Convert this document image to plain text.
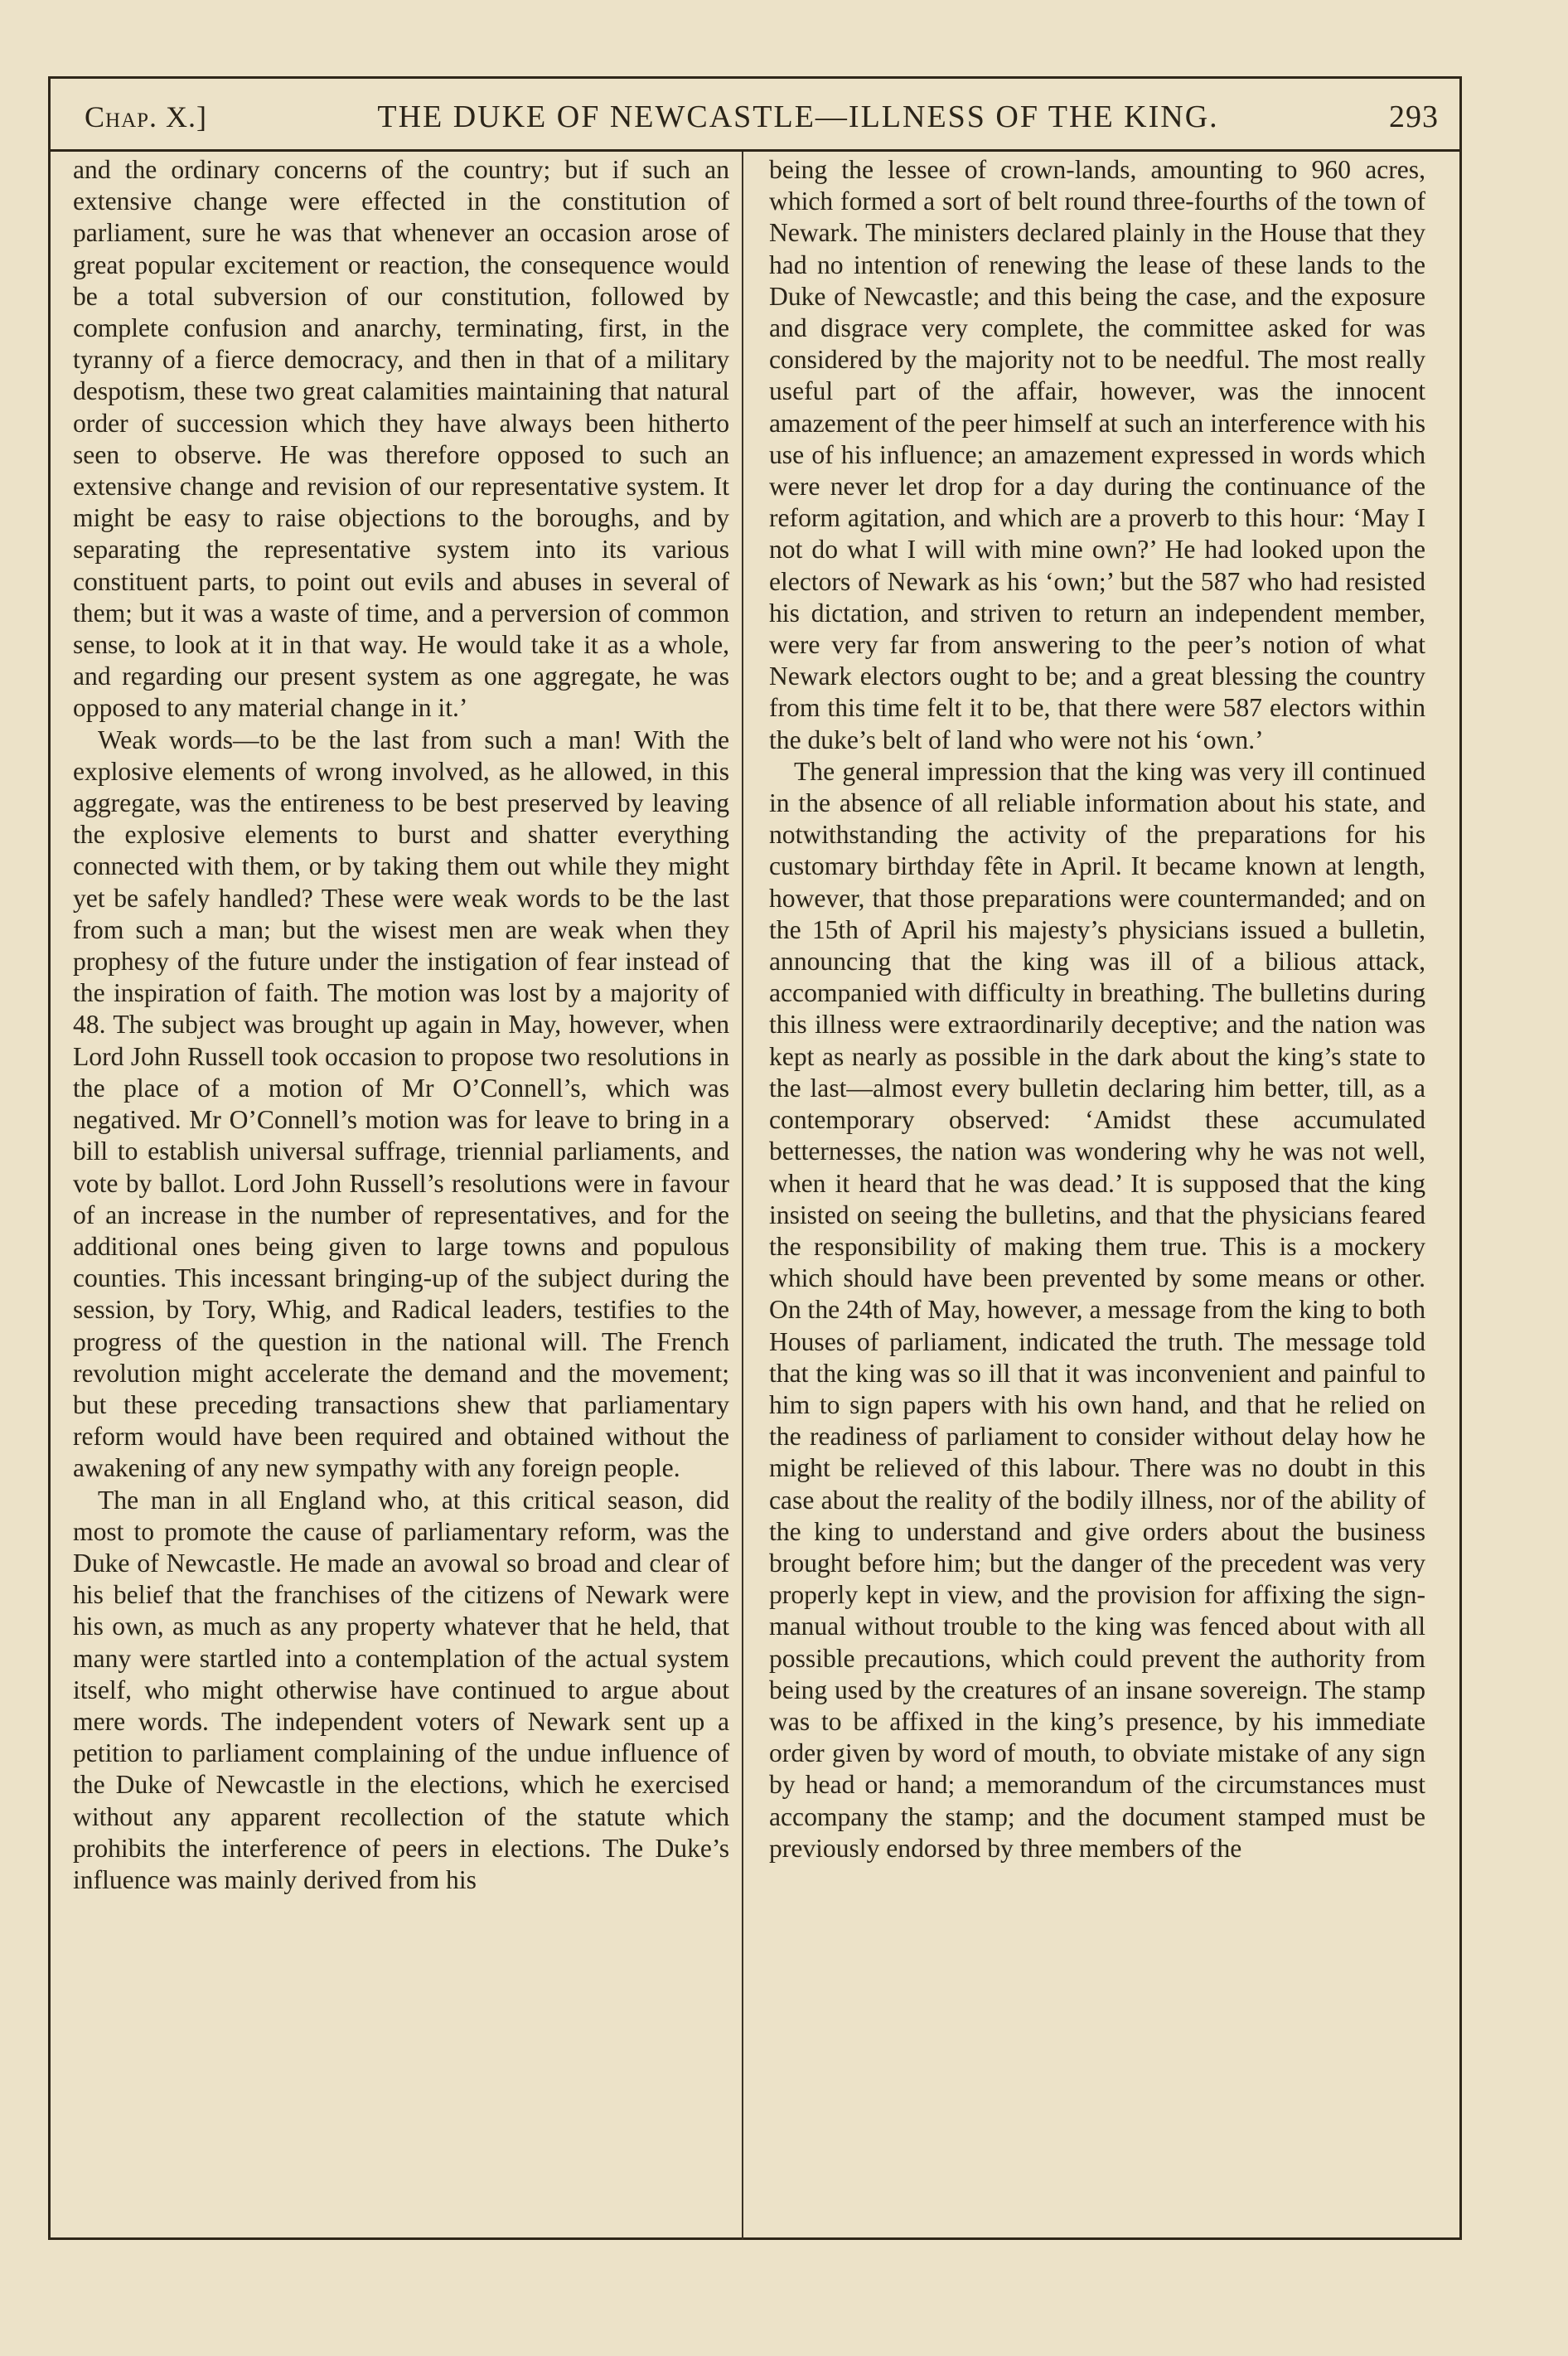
Chap. X.]	THE DUKE OF NEWCASTLE—ILLNESS OF THE KING.	293

and the ordinary concerns of the country; but if such an extensive change were effected in the constitution of parliament, sure he was that whenever an occasion arose of great popular excitement or reaction, the consequence would be a total subversion of our constitution, followed by complete confusion and anarchy, terminating, first, in the tyranny of a fierce democracy, and then in that of a military despotism, these two great calamities maintaining that natural order of succession which they have always been hitherto seen to observe. He was therefore opposed to such an extensive change and revision of our representative system. It might be easy to raise objections to the boroughs, and by separating the representative system into its various constituent parts, to point out evils and abuses in several of them; but it was a waste of time, and a perversion of common sense, to look at it in that way. He would take it as a whole, and regarding our present system as one aggregate, he was opposed to any material change in it.’

Weak words—to be the last from such a man! With the explosive elements of wrong involved, as he allowed, in this aggregate, was the entireness to be best preserved by leaving the explosive elements to burst and shatter everything connected with them, or by taking them out while they might yet be safely handled? These were weak words to be the last from such a man; but the wisest men are weak when they prophesy of the future under the instigation of fear instead of the inspiration of faith. The motion was lost by a majority of 48. The subject was brought up again in May, however, when Lord John Russell took occasion to propose two resolutions in the place of a motion of Mr O’Connell’s, which was negatived. Mr O’Connell’s motion was for leave to bring in a bill to establish universal suffrage, triennial parliaments, and vote by ballot. Lord John Russell’s resolutions were in favour of an increase in the number of representatives, and for the additional ones being given to large towns and populous counties. This incessant bringing-up of the subject during the session, by Tory, Whig, and Radical leaders, testifies to the progress of the question in the national will. The French revolution might accelerate the demand and the movement; but these preceding transactions shew that parliamentary reform would have been required and obtained without the awakening of any new sympathy with any foreign people.

The man in all England who, at this critical season, did most to promote the cause of parliamentary reform, was the Duke of Newcastle. He made an avowal so broad and clear of his belief that the franchises of the citizens of Newark were his own, as much as any property whatever that he held, that many were startled into a contemplation of the actual system itself, who might otherwise have continued to argue about mere words. The independent voters of Newark sent up a petition to parliament complaining of the undue influence of the Duke of Newcastle in the elections, which he exercised without any apparent recollection of the statute which prohibits the interference of peers in elections. The Duke’s influence was mainly derived from his

being the lessee of crown-lands, amounting to 960 acres, which formed a sort of belt round three-fourths of the town of Newark. The ministers declared plainly in the House that they had no intention of renewing the lease of these lands to the Duke of Newcastle; and this being the case, and the exposure and disgrace very complete, the committee asked for was considered by the majority not to be needful. The most really useful part of the affair, however, was the innocent amazement of the peer himself at such an interference with his use of his influence; an amazement expressed in words which were never let drop for a day during the continuance of the reform agitation, and which are a proverb to this hour: ‘May I not do what I will with mine own?’ He had looked upon the electors of Newark as his ‘own;’ but the 587 who had resisted his dictation, and striven to return an independent member, were very far from answering to the peer’s notion of what Newark electors ought to be; and a great blessing the country from this time felt it to be, that there were 587 electors within the duke’s belt of land who were not his ‘own.’

The general impression that the king was very ill continued in the absence of all reliable information about his state, and notwithstanding the activity of the preparations for his customary birthday fête in April. It became known at length, however, that those preparations were countermanded; and on the 15th of April his majesty’s physicians issued a bulletin, announcing that the king was ill of a bilious attack, accompanied with difficulty in breathing. The bulletins during this illness were extraordinarily deceptive; and the nation was kept as nearly as possible in the dark about the king’s state to the last—almost every bulletin declaring him better, till, as a contemporary observed: ‘Amidst these accumulated betternesses, the nation was wondering why he was not well, when it heard that he was dead.’ It is supposed that the king insisted on seeing the bulletins, and that the physicians feared the responsibility of making them true. This is a mockery which should have been prevented by some means or other. On the 24th of May, however, a message from the king to both Houses of parliament, indicated the truth. The message told that the king was so ill that it was inconvenient and painful to him to sign papers with his own hand, and that he relied on the readiness of parliament to consider without delay how he might be relieved of this labour. There was no doubt in this case about the reality of the bodily illness, nor of the ability of the king to understand and give orders about the business brought before him; but the danger of the precedent was very properly kept in view, and the provision for affixing the sign-manual without trouble to the king was fenced about with all possible precautions, which could prevent the authority from being used by the creatures of an insane sovereign. The stamp was to be affixed in the king’s presence, by his immediate order given by word of mouth, to obviate mistake of any sign by head or hand; a memorandum of the circumstances must accompany the stamp; and the document stamped must be previously endorsed by three members of the
